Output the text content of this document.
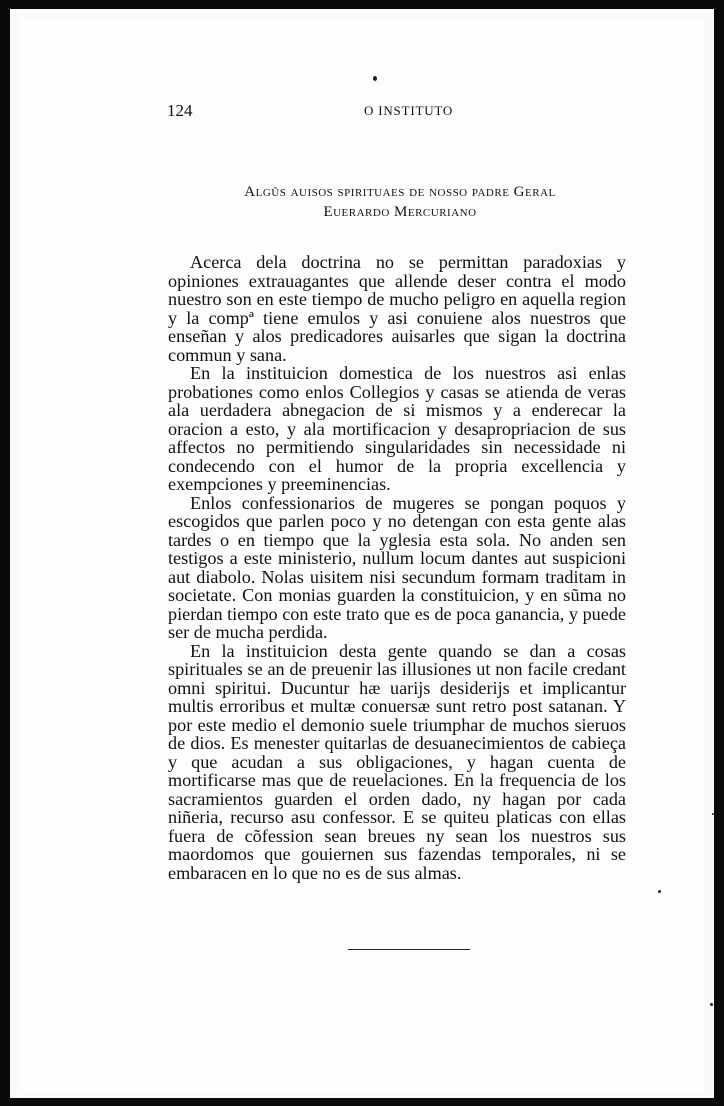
124	O INSTITUTO
Algũs auisos spirituaes de nosso padre Geral
Euerardo Mercuriano

Acerca dela doctrina no se permittan paradoxias y opiniones extrauagantes que allende deser contra el modo nuestro son en este tiempo de mucho peligro en aquella region y la compª tiene emulos y asi conuiene alos nuestros que enseñan y alos predicadores auisarles que sigan la doctrina commun y sana.

En la instituicion domestica de los nuestros asi enlas probationes como enlos Collegios y casas se atienda de veras ala uerdadera abnegacion de si mismos y a enderecar la oracion a esto, y ala mortificacion y desapropriacion de sus affectos no permitiendo singularidades sin necessidade ni condecendo con el humor de la propria excellencia y exempciones y preeminencias.

Enlos confessionarios de mugeres se pongan poquos y escogidos que parlen poco y no detengan con esta gente alas tardes o en tiempo que la yglesia esta sola. No anden sen testigos a este ministerio, nullum locum dantes aut suspicioni aut diabolo. Nolas uisitem nisi secundum formam traditam in societate. Con monias guarden la constituicion, y en sũma no pierdan tiempo con este trato que es de poca ganancia, y puede ser de mucha perdida.

En la instituicion desta gente quando se dan a cosas spirituales se an de preuenir las illusiones ut non facile credant omni spiritui. Ducuntur hæ uarijs desiderijs et implicantur multis erroribus et multæ conuersæ sunt retro post satanan. Y por este medio el demonio suele triumphar de muchos sieruos de dios. Es menester quitarlas de desuanecimientos de cabieça y que acudan a sus obligaciones, y hagan cuenta de mortificarse mas que de reuelaciones. En la frequencia de los sacramientos guarden el orden dado, ny hagan por cada niñeria, recurso asu confessor. E se quiteu platicas con ellas fuera de cõfession sean breues ny sean los nuestros sus maordomos que gouiernen sus fazendas temporales, ni se embaracen en lo que no es de sus almas.
